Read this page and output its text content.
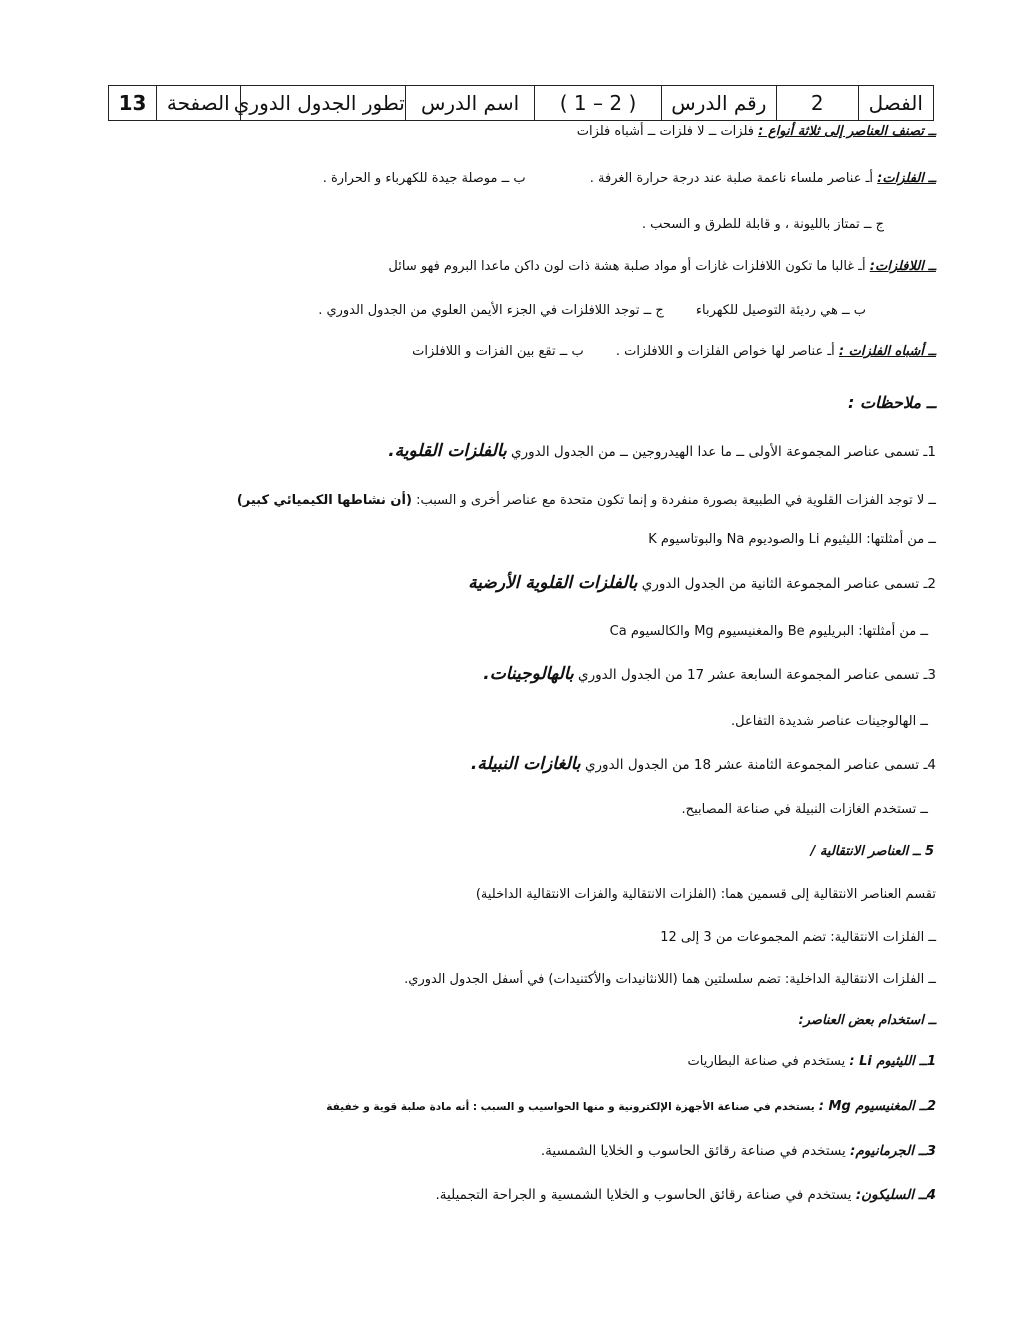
الفصل	2	رقم الدرس	( 1 – 2 )	اسم الدرس	تطور الجدول الدوري	الصفحة	13
ــ تصنف العناصر إلى ثلاثة أنواع : فلزات ــ لا فلزات ــ أشباه فلزات
ــ الفلزات: أـ عناصر ملساء ناعمة صلبة عند درجة حرارة الغرفة . ب ــ موصلة جيدة للكهرباء و الحرارة .
ج ــ تمتاز بالليونة ، و قابلة للطرق و السحب .
ــ اللافلزات: أـ غالبا ما تكون اللافلزات غازات أو مواد صلبة هشة ذات لون داكن ماعدا البروم فهو سائل
ب ــ هي رديئة التوصيل للكهرباء ج ــ توجد اللافلزات في الجزء الأيمن العلوي من الجدول الدوري .
ــ أشباه الفلزات : أـ عناصر لها خواص الفلزات و اللافلزات . ب ــ تقع بين الفزات و اللافلزات
ــ ملاحظات :
1ـ تسمى عناصر المجموعة الأولى ــ ما عدا الهيدروجين ــ من الجدول الدوري بالفلزات القلوية.
ــ لا توجد الفزات القلوية في الطبيعة بصورة منفردة و إنما تكون متحدة مع عناصر أخرى و السبب: (أن نشاطها الكيميائي كبير)
ــ من أمثلتها: الليثيوم Li والصوديوم Na والبوتاسيوم K
2ـ تسمى عناصر المجموعة الثانية من الجدول الدوري بالفلزات القلوية الأرضية
ــ من أمثلتها: البريليوم Be والمغنيسيوم Mg والكالسيوم Ca
3ـ تسمى عناصر المجموعة السابعة عشر 17 من الجدول الدوري بالهالوجينات.
ــ الهالوجينات عناصر شديدة التفاعل.
4ـ تسمى عناصر المجموعة الثامنة عشر 18 من الجدول الدوري بالغازات النبيلة.
ــ تستخدم الغازات النبيلة في صناعة المصابيح.
5 ــ العناصر الانتقالية /
تقسم العناصر الانتقالية إلى قسمين هما: (الفلزات الانتقالية والفزات الانتقالية الداخلية)
ــ الفلزات الانتقالية: تضم المجموعات من 3 إلى 12
ــ الفلزات الانتقالية الداخلية: تضم سلسلتين هما (اللانثانيدات والأكتنيدات) في أسفل الجدول الدوري.
ــ استخدام بعض العناصر:
1ــ الليثيوم Li : يستخدم في صناعة البطاريات
2ــ المغنيسيوم Mg : يستخدم في صناعة الأجهزة الإلكترونية و منها الحواسيب و السبب : أنه مادة صلبة قوية و خفيفة
3ــ الجرمانيوم: يستخدم في صناعة رقائق الحاسوب و الخلايا الشمسية.
4ــ السليكون: يستخدم في صناعة رقائق الحاسوب و الخلايا الشمسية و الجراحة التجميلية.
